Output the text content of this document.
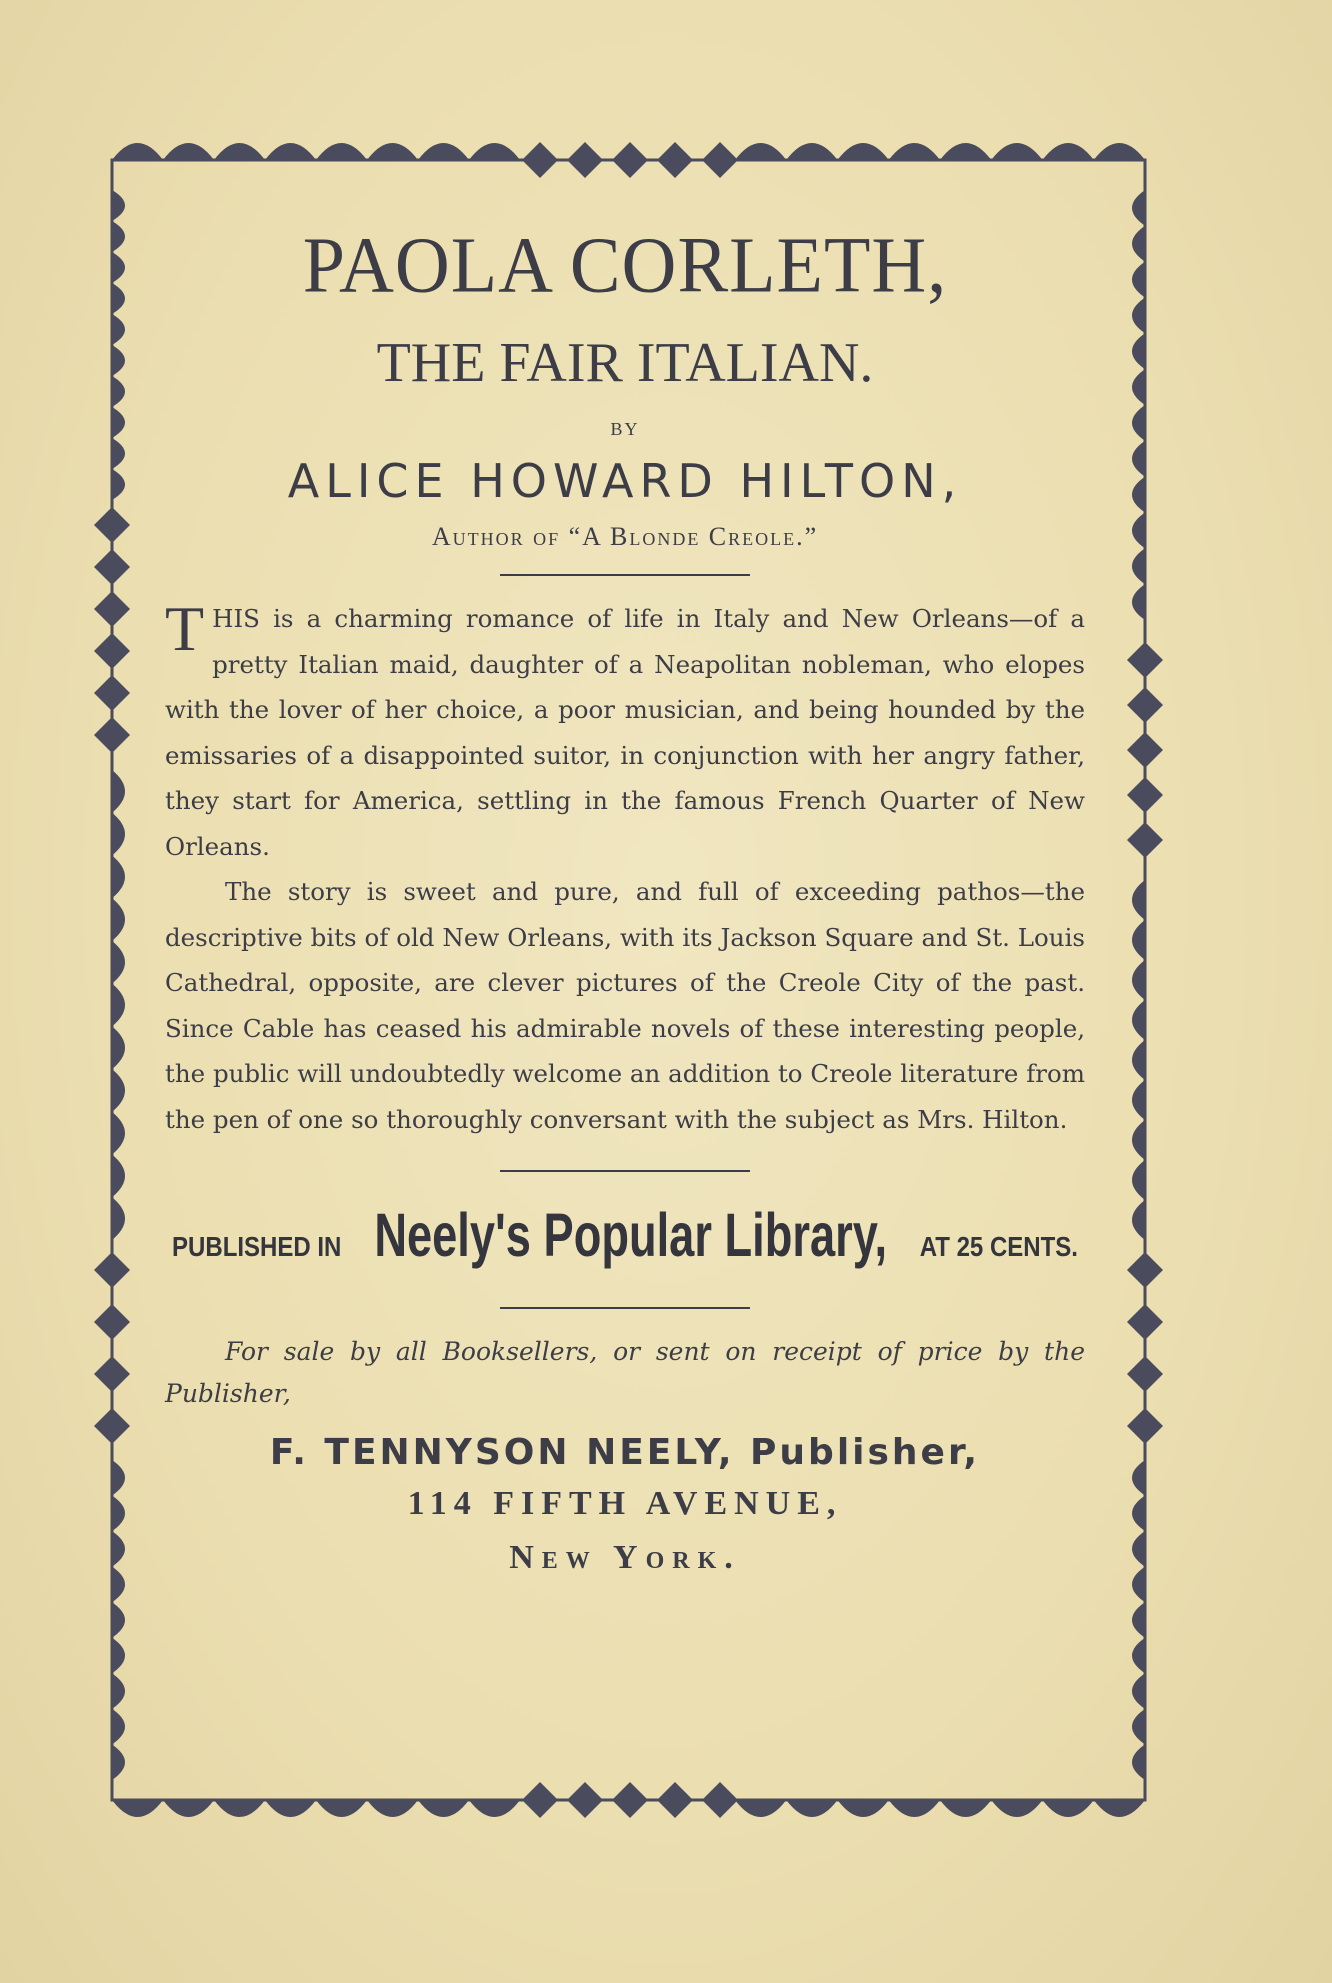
PAOLA CORLETH,
THE FAIR ITALIAN.
BY
ALICE HOWARD HILTON,
Author of “A Blonde Creole.”

THIS is a charming romance of life in Italy and New Orleans—of a pretty Italian maid, daughter of a Neapolitan nobleman, who elopes with the lover of her choice, a poor musician, and being hounded by the emissaries of a disappointed suitor, in conjunction with her angry father, they start for America, settling in the famous French Quarter of New Orleans.

The story is sweet and pure, and full of exceeding pathos—the descriptive bits of old New Orleans, with its Jackson Square and St. Louis Cathedral, opposite, are clever pictures of the Creole City of the past. Since Cable has ceased his admirable novels of these interesting people, the public will undoubtedly welcome an addition to Creole literature from the pen of one so thoroughly conversant with the subject as Mrs. Hilton.

PUBLISHED IN Neely's Popular Library, AT 25 CENTS.
For sale by all Booksellers, or sent on receipt of price by the Publisher,
F. TENNYSON NEELY, Publisher,
114 FIFTH AVENUE,
New York.
